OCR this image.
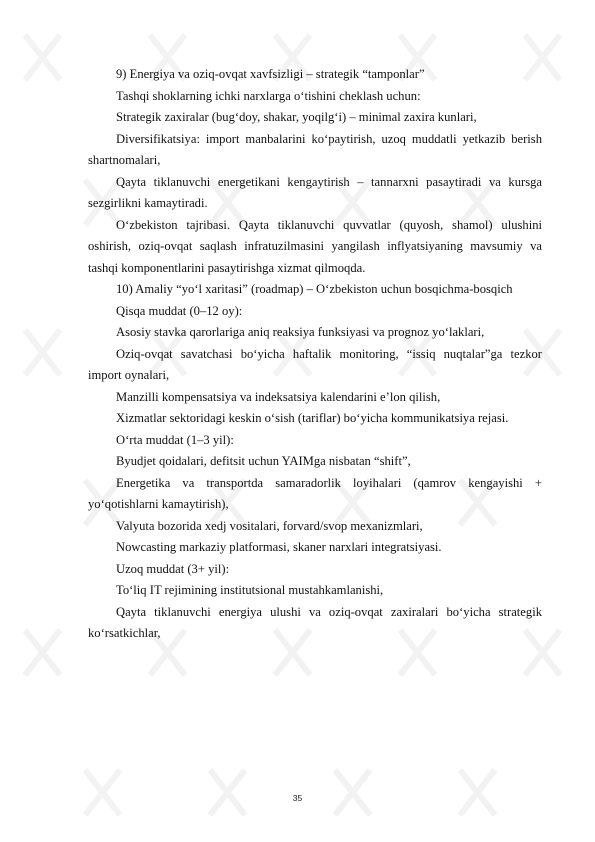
9) Energiya va oziq-ovqat xavfsizligi – strategik “tamponlar”

Tashqi shoklarning ichki narxlarga o‘tishini cheklash uchun:

Strategik zaxiralar (bug‘doy, shakar, yoqilg‘i) – minimal zaxira kunlari,

Diversifikatsiya: import manbalarini ko‘paytirish, uzoq muddatli yetkazib berish shartnomalari,

Qayta tiklanuvchi energetikani kengaytirish – tannarxni pasaytiradi va kursga sezgirlikni kamaytiradi.

O‘zbekiston tajribasi. Qayta tiklanuvchi quvvatlar (quyosh, shamol) ulushini oshirish, oziq-ovqat saqlash infratuzilmasini yangilash inflyatsiyaning mavsumiy va tashqi komponentlarini pasaytirishga xizmat qilmoqda.

10) Amaliy “yo‘l xaritasi” (roadmap) – O‘zbekiston uchun bosqichma-bosqich

Qisqa muddat (0–12 oy):

Asosiy stavka qarorlariga aniq reaksiya funksiyasi va prognoz yo‘laklari,

Oziq-ovqat savatchasi bo‘yicha haftalik monitoring, “issiq nuqtalar”ga tezkor import oynalari,

Manzilli kompensatsiya va indeksatsiya kalendarini e’lon qilish,

Xizmatlar sektoridagi keskin o‘sish (tariflar) bo‘yicha kommunikatsiya rejasi.

O‘rta muddat (1–3 yil):

Byudjet qoidalari, defitsit uchun YAIMga nisbatan “shift”,

Energetika va transportda samaradorlik loyihalari (qamrov kengayishi + yo‘qotishlarni kamaytirish),

Valyuta bozorida xedj vositalari, forvard/svop mexanizmlari,

Nowcasting markaziy platformasi, skaner narxlari integratsiyasi.

Uzoq muddat (3+ yil):

To‘liq IT rejimining institutsional mustahkamlanishi,

Qayta tiklanuvchi energiya ulushi va oziq-ovqat zaxiralari bo‘yicha strategik ko‘rsatkichlar,

35
